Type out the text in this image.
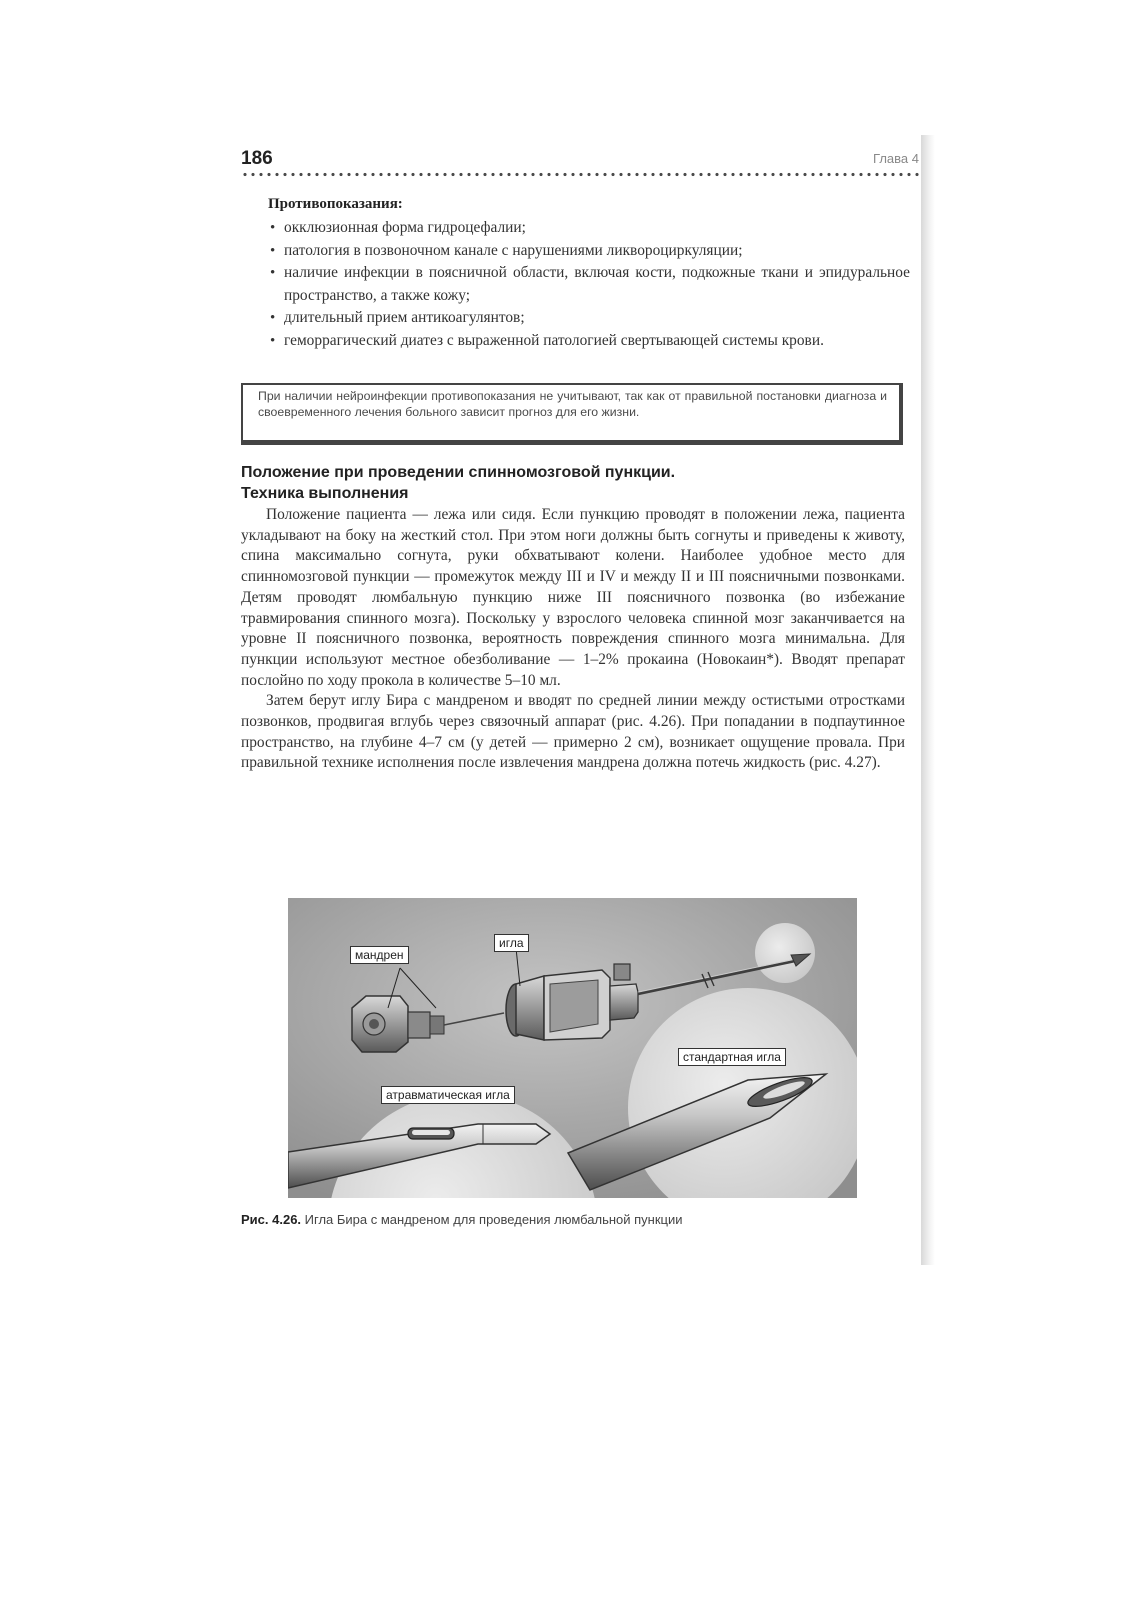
186	Глава 4

Противопоказания:

• окклюзионная форма гидроцефалии;
• патология в позвоночном канале с нарушениями ликвороциркуляции;
• наличие инфекции в поясничной области, включая кости, подкожные ткани и эпидуральное пространство, а также кожу;
• длительный прием антикоагулянтов;
• геморрагический диатез с выраженной патологией свертывающей системы крови.
При наличии нейроинфекции противопоказания не учитывают, так как от правильной постановки диагноза и своевременного лечения больного зависит прогноз для его жизни.
Положение при проведении спинномозговой пункции.
Техника выполнения

Положение пациента — лежа или сидя. Если пункцию проводят в положении лежа, пациента укладывают на боку на жесткий стол. При этом ноги должны быть согнуты и приведены к животу, спина максимально согнута, руки обхватывают колени. Наиболее удобное место для спинномозговой пункции — промежуток между III и IV и между II и III поясничными позвонками. Детям проводят люмбальную пункцию ниже III поясничного позвонка (во избежание травмирования спинного мозга). Поскольку у взрослого человека спинной мозг заканчивается на уровне II поясничного позвонка, вероятность повреждения спинного мозга минимальна. Для пункции используют местное обезболивание — 1–2% прокаина (Новокаин*). Вводят препарат послойно по ходу прокола в количестве 5–10 мл.

Затем берут иглу Бира с мандреном и вводят по средней линии между остистыми отростками позвонков, продвигая вглубь через связочный аппарат (рис. 4.26). При попадании в подпаутинное пространство, на глубине 4–7 см (у детей — примерно 2 см), возникает ощущение провала. При правильной технике исполнения после извлечения мандрена должна потечь жидкость (рис. 4.27).

мандрен
игла
стандартная игла
атравматическая игла
Рис. 4.26. Игла Бира с мандреном для проведения люмбальной пункции
